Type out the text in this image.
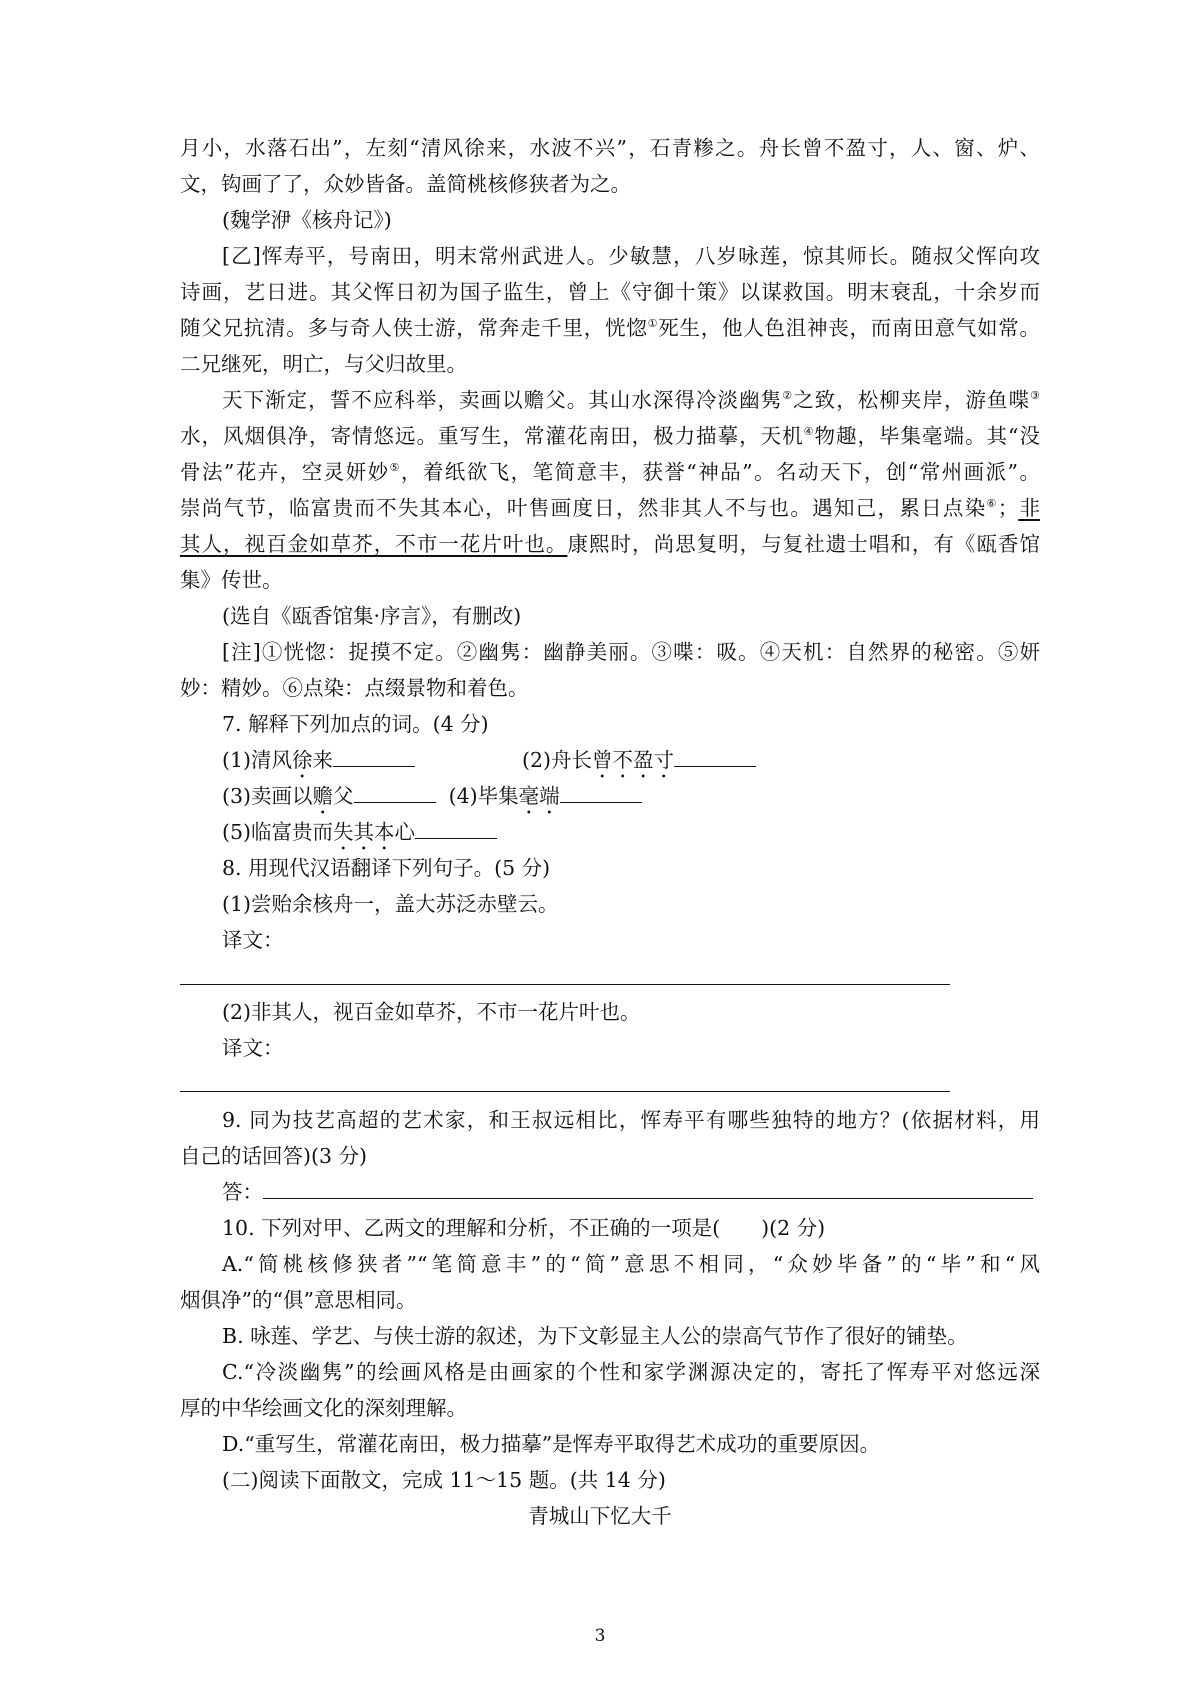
月小，水落石出”，左刻“清风徐来，水波不兴”，石青糁之。舟长曾不盈寸，人、窗、炉、
文，钩画了了，众妙皆备。盖简桃核修狭者为之。
(魏学洢《核舟记》)
[乙]恽寿平，号南田，明末常州武进人。少敏慧，八岁咏莲，惊其师长。随叔父恽向攻
诗画，艺日进。其父恽日初为国子监生，曾上《守御十策》以谋救国。明末衰乱，十余岁而
随父兄抗清。多与奇人侠士游，常奔走千里，恍惚①死生，他人色沮神丧，而南田意气如常。
二兄继死，明亡，与父归故里。
天下渐定，誓不应科举，卖画以赡父。其山水深得冷淡幽隽②之致，松柳夹岸，游鱼喋③
水，风烟俱净，寄情悠远。重写生，常灌花南田，极力描摹，天机④物趣，毕集毫端。其“没
骨法”花卉，空灵妍妙⑤，着纸欲飞，笔简意丰，获誉“神品”。名动天下，创“常州画派”。
崇尚气节，临富贵而不失其本心，叶售画度日，然非其人不与也。遇知己，累日点染⑥；非
其人，视百金如草芥，不市一花片叶也。康熙时，尚思复明，与复社遗士唱和，有《瓯香馆
集》传世。
(选自《瓯香馆集·序言》，有删改)
[注]①恍惚：捉摸不定。②幽隽：幽静美丽。③喋：吸。④天机：自然界的秘密。⑤妍
妙：精妙。⑥点染：点缀景物和着色。
7. 解释下列加点的词。(4 分)
(1)清风徐来	(2)舟长曾不盈寸
(3)卖画以赡父	(4)毕集毫端
(5)临富贵而失其本心
8. 用现代汉语翻译下列句子。(5 分)
(1)尝贻余核舟一，盖大苏泛赤壁云。
译文：
(2)非其人，视百金如草芥，不市一花片叶也。
译文：
9. 同为技艺高超的艺术家，和王叔远相比，恽寿平有哪些独特的地方？(依据材料，用
自己的话回答)(3 分)
答：
10. 下列对甲、乙两文的理解和分析，不正确的一项是(　　)(2 分)
A.“简桃核修狭者”“笔简意丰”的“简”意思不相同，“众妙毕备”的“毕”和“风
烟俱净”的“俱”意思相同。
B. 咏莲、学艺、与侠士游的叙述，为下文彰显主人公的崇高气节作了很好的铺垫。
C.“冷淡幽隽”的绘画风格是由画家的个性和家学渊源决定的，寄托了恽寿平对悠远深
厚的中华绘画文化的深刻理解。
D.“重写生，常灌花南田，极力描摹”是恽寿平取得艺术成功的重要原因。
(二)阅读下面散文，完成 11～15 题。(共 14 分)
青城山下忆大千
3
